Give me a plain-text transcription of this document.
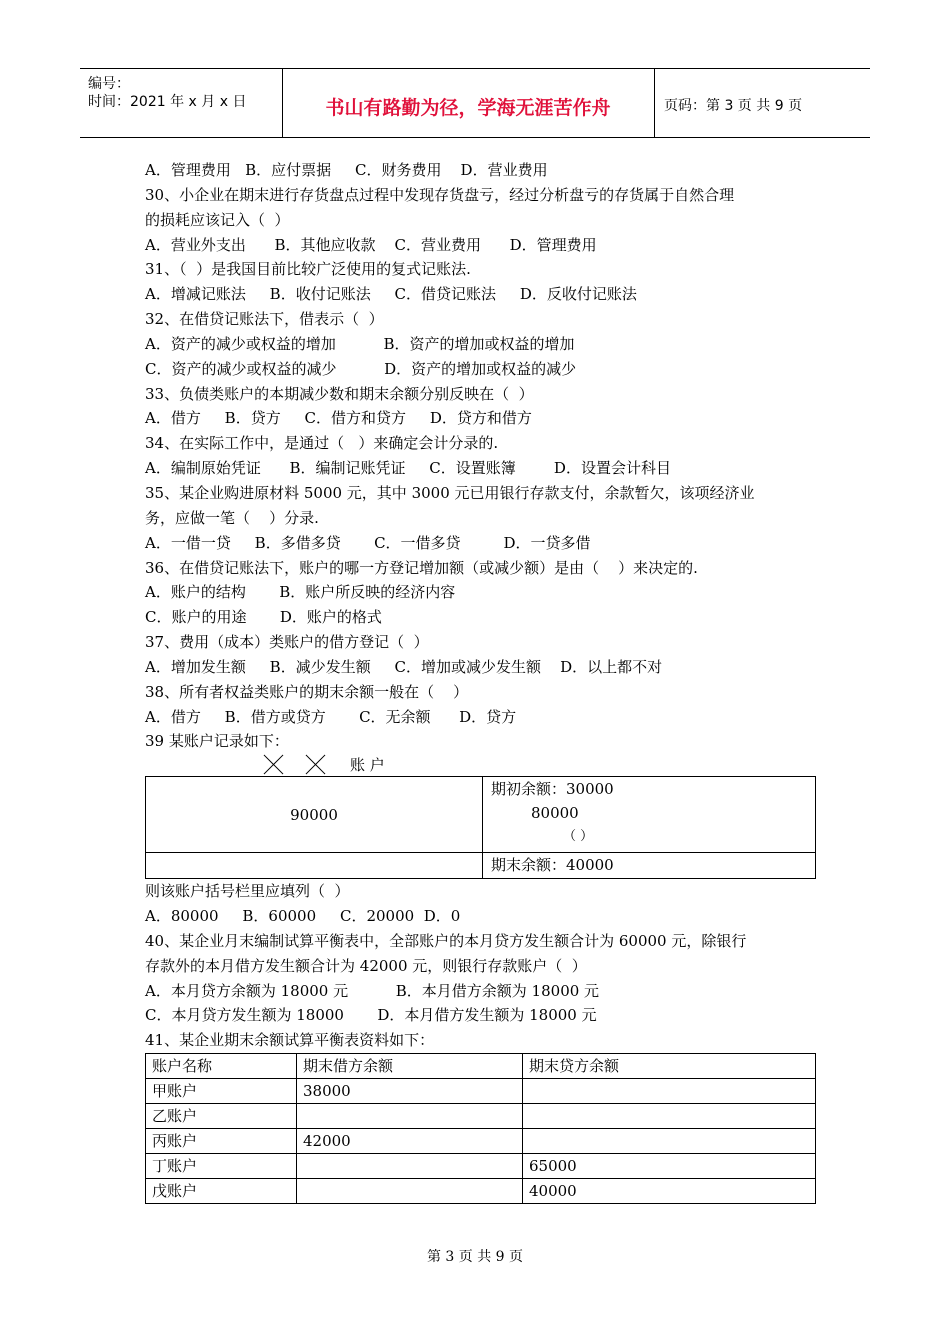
编号：
时间：2021 年 x 月 x 日	书山有路勤为径，学海无涯苦作舟	页码：第 3 页 共 9 页
A．管理费用   B．应付票据     C．财务费用    D．营业费用
30、小企业在期末进行存货盘点过程中发现存货盘亏，经过分析盘亏的存货属于自然合理
的损耗应该记入（  ）
A．营业外支出      B．其他应收款    C．营业费用      D．管理费用
31、（  ）是我国目前比较广泛使用的复式记账法.
A．增减记账法     B．收付记账法     C．借贷记账法     D．反收付记账法
32、在借贷记账法下，借表示（  ）
A．资产的减少或权益的增加          B．资产的增加或权益的增加
C．资产的减少或权益的减少          D．资产的增加或权益的减少
33、负债类账户的本期减少数和期末余额分别反映在（  ）
A．借方     B．贷方     C．借方和贷方     D．贷方和借方
34、在实际工作中，是通过（   ）来确定会计分录的.
A．编制原始凭证      B．编制记账凭证     C．设置账簿        D．设置会计科目
35、某企业购进原材料 5000 元，其中 3000 元已用银行存款支付，余款暂欠，该项经济业
务，应做一笔（    ）分录.
A．一借一贷     B．多借多贷       C．一借多贷         D．一贷多借
36、在借贷记账法下，账户的哪一方登记增加额（或减少额）是由（    ）来决定的.
A．账户的结构       B．账户所反映的经济内容
C．账户的用途       D．账户的格式
37、费用（成本）类账户的借方登记（  ）
A．增加发生额     B．减少发生额     C．增加或减少发生额    D．以上都不对
38、所有者权益类账户的期末余额一般在（    ）
A．借方     B．借方或贷方       C．无余额      D．贷方
39 某账户记录如下：
账 户
90000	期初余额：30000
80000
（ ）

	期末余额：40000
则该账户括号栏里应填列（  ）
A．80000     B．60000     C．20000  D．0
40、某企业月末编制试算平衡表中，全部账户的本月贷方发生额合计为 60000 元，除银行
存款外的本月借方发生额合计为 42000 元，则银行存款账户（  ）
A．本月贷方余额为 18000 元          B．本月借方余额为 18000 元
C．本月贷方发生额为 18000       D．本月借方发生额为 18000 元
41、某企业期末余额试算平衡表资料如下：
账户名称	期末借方余额	期末贷方余额
甲账户	38000	
乙账户		
丙账户	42000	
丁账户		65000
戊账户		40000
第 3 页 共 9 页
